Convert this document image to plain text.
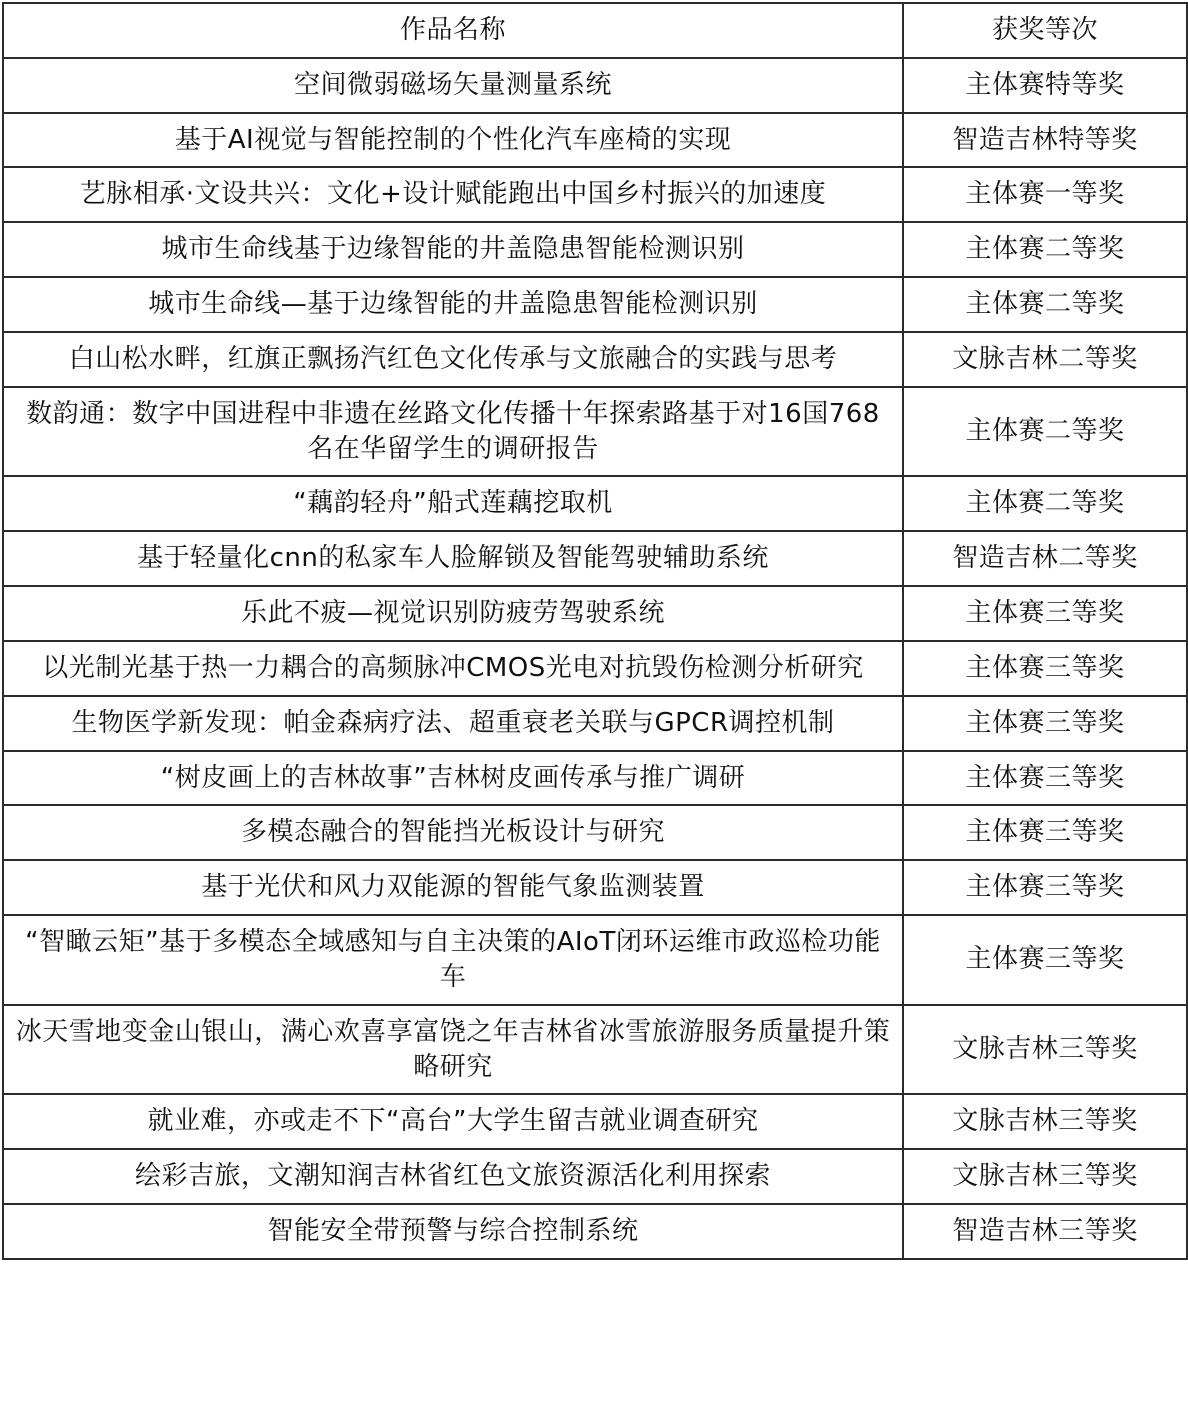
作品名称	获奖等次
空间微弱磁场矢量测量系统	主体赛特等奖
基于AI视觉与智能控制的个性化汽车座椅的实现	智造吉林特等奖
艺脉相承·文设共兴：文化+设计赋能跑出中国乡村振兴的加速度	主体赛一等奖
城市生命线基于边缘智能的井盖隐患智能检测识别	主体赛二等奖
城市生命线—基于边缘智能的井盖隐患智能检测识别	主体赛二等奖
白山松水畔，红旗正飘扬汽红色文化传承与文旅融合的实践与思考	文脉吉林二等奖
数韵通：数字中国进程中非遗在丝路文化传播十年探索路基于对16国768名在华留学生的调研报告	主体赛二等奖
“藕韵轻舟”船式莲藕挖取机	主体赛二等奖
基于轻量化cnn的私家车人脸解锁及智能驾驶辅助系统	智造吉林二等奖
乐此不疲—视觉识别防疲劳驾驶系统	主体赛三等奖
以光制光基于热一力耦合的高频脉冲CMOS光电对抗毁伤检测分析研究	主体赛三等奖
生物医学新发现：帕金森病疗法、超重衰老关联与GPCR调控机制	主体赛三等奖
“树皮画上的吉林故事”吉林树皮画传承与推广调研	主体赛三等奖
多模态融合的智能挡光板设计与研究	主体赛三等奖
基于光伏和风力双能源的智能气象监测装置	主体赛三等奖
“智瞰云矩”基于多模态全域感知与自主决策的AIoT闭环运维市政巡检功能车	主体赛三等奖
冰天雪地变金山银山，满心欢喜享富饶之年吉林省冰雪旅游服务质量提升策略研究	文脉吉林三等奖
就业难，亦或走不下“高台”大学生留吉就业调查研究	文脉吉林三等奖
绘彩吉旅，文潮知润吉林省红色文旅资源活化利用探索	文脉吉林三等奖
智能安全带预警与综合控制系统	智造吉林三等奖
